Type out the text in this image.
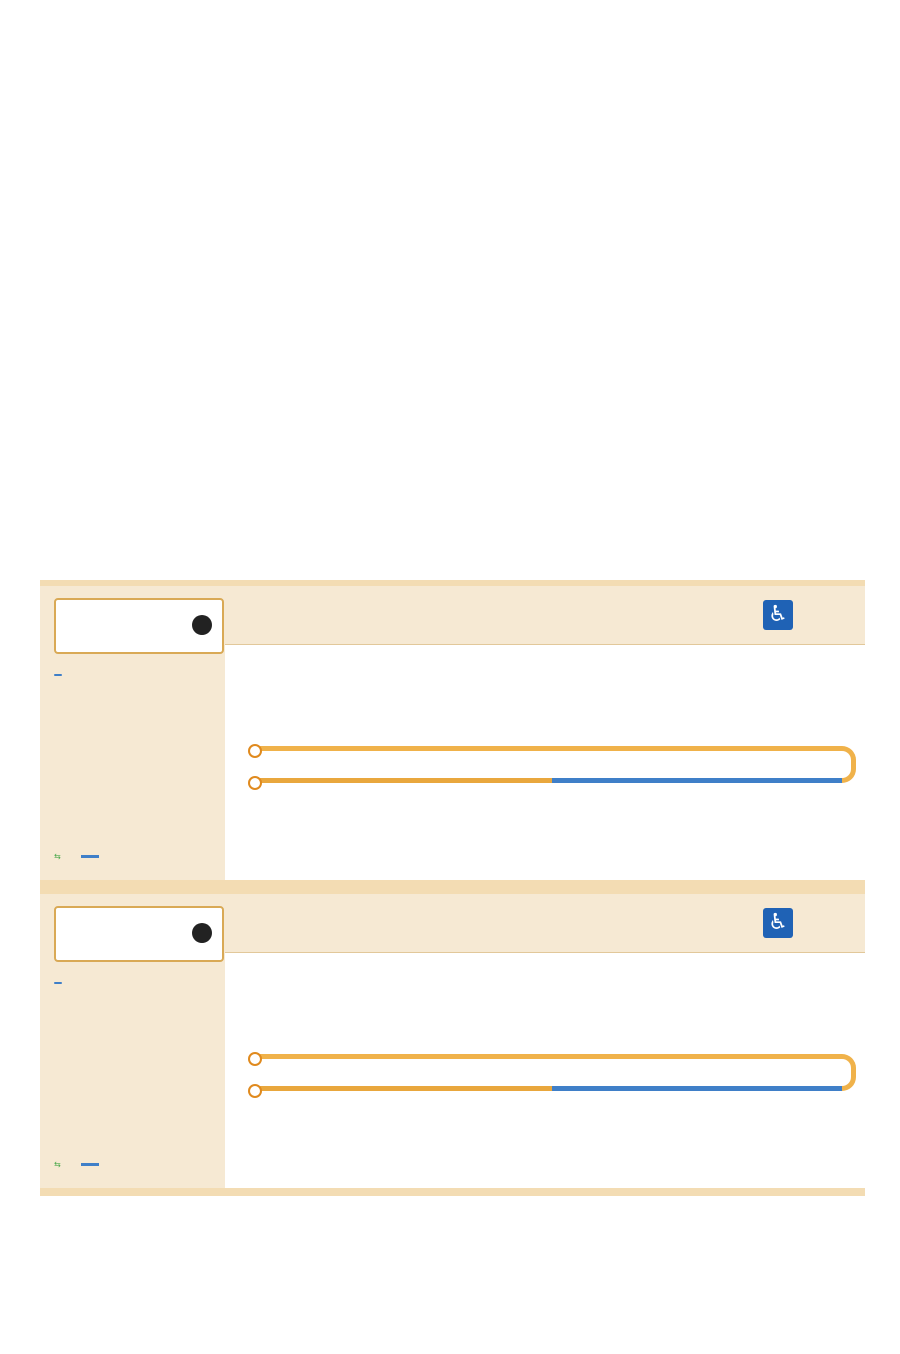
⇆
♿

⇆
♿
